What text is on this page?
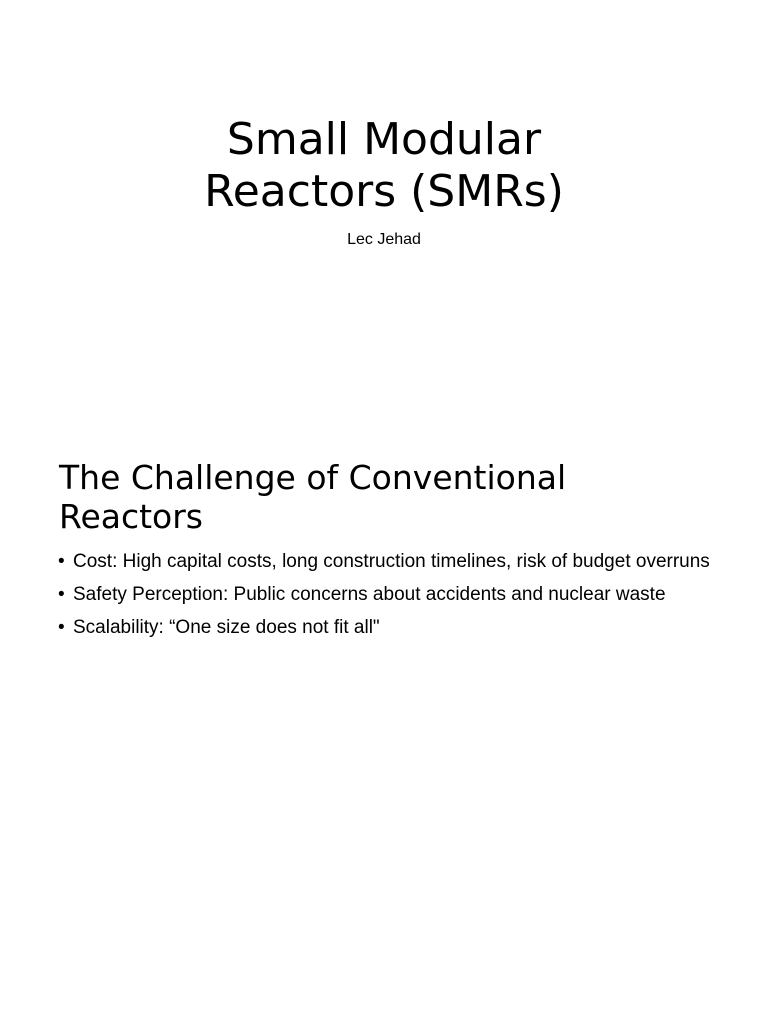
Small Modular
Reactors (SMRs)
Lec Jehad
The Challenge of Conventional
Reactors
• Cost: High capital costs, long construction timelines, risk of budget overruns
• Safety Perception: Public concerns about accidents and nuclear waste
• Scalability: “One size does not fit all"
